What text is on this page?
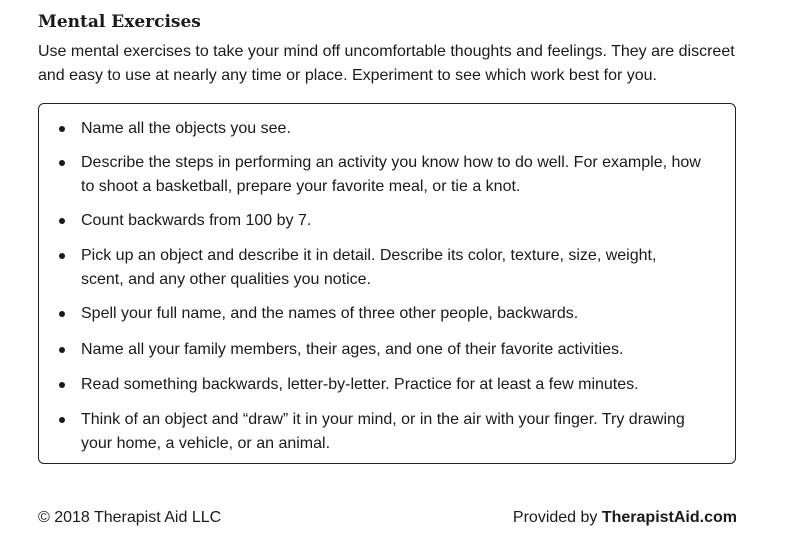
Mental Exercises

Use mental exercises to take your mind off uncomfortable thoughts and feelings. They are discreet and easy to use at nearly any time or place. Experiment to see which work best for you.

Name all the objects you see.
Describe the steps in performing an activity you know how to do well. For example, how to shoot a basketball, prepare your favorite meal, or tie a knot.
Count backwards from 100 by 7.
Pick up an object and describe it in detail. Describe its color, texture, size, weight, scent, and any other qualities you notice.
Spell your full name, and the names of three other people, backwards.
Name all your family members, their ages, and one of their favorite activities.
Read something backwards, letter-by-letter. Practice for at least a few minutes.
Think of an object and “draw” it in your mind, or in the air with your finger. Try drawing your home, a vehicle, or an animal.
© 2018 Therapist Aid LLC	Provided by TherapistAid.com
